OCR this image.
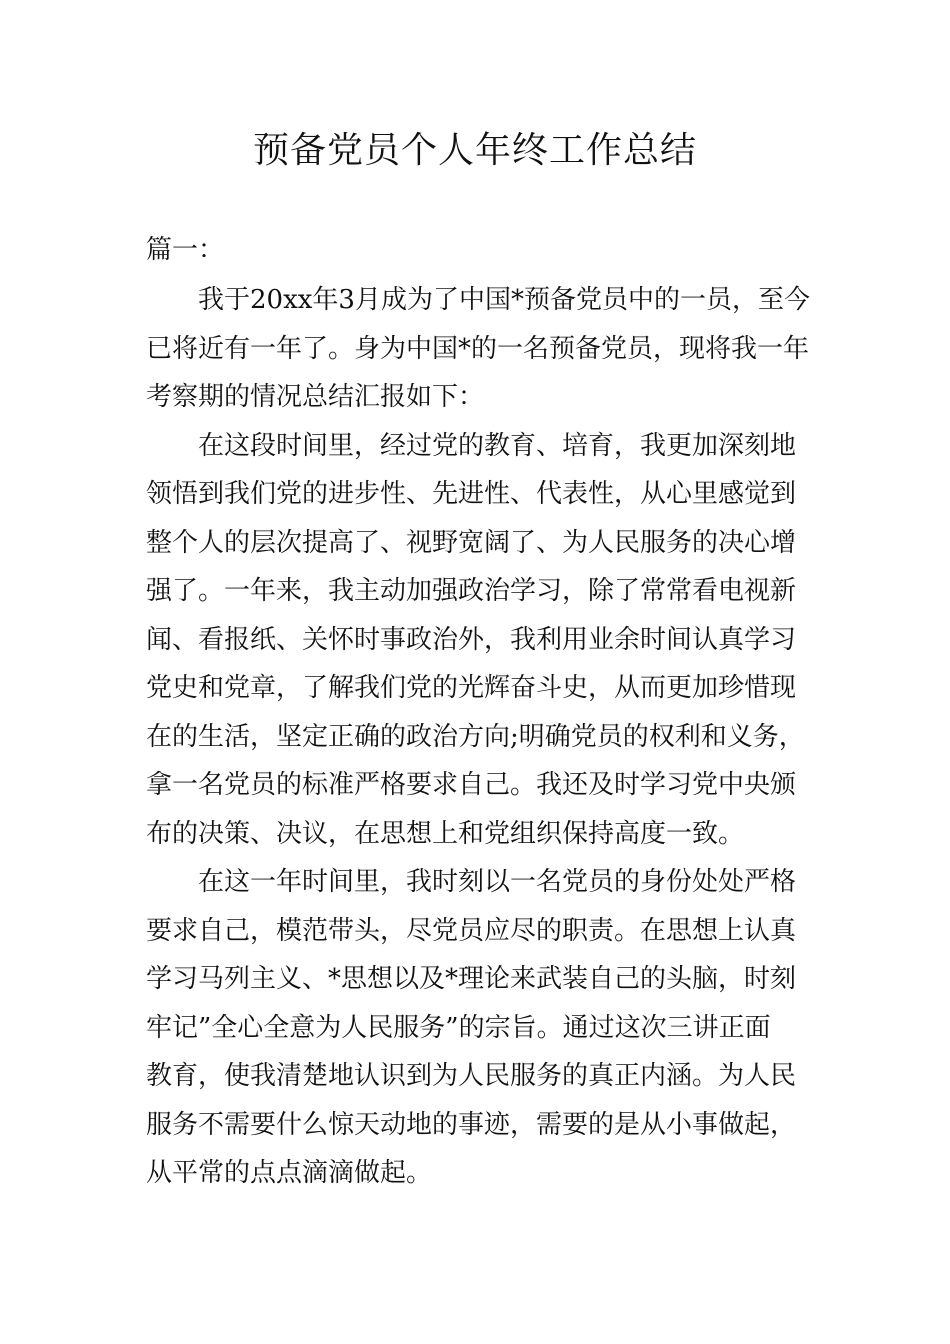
预备党员个人年终工作总结
篇一：
我于20xx年3月成为了中国*预备党员中的一员，至今
已将近有一年了。身为中国*的一名预备党员，现将我一年
考察期的情况总结汇报如下：
在这段时间里，经过党的教育、培育，我更加深刻地
领悟到我们党的进步性、先进性、代表性，从心里感觉到
整个人的层次提高了、视野宽阔了、为人民服务的决心增
强了。一年来，我主动加强政治学习，除了常常看电视新
闻、看报纸、关怀时事政治外，我利用业余时间认真学习
党史和党章，了解我们党的光辉奋斗史，从而更加珍惜现
在的生活，坚定正确的政治方向;明确党员的权利和义务，
拿一名党员的标准严格要求自己。我还及时学习党中央颁
布的决策、决议，在思想上和党组织保持高度一致。
在这一年时间里，我时刻以一名党员的身份处处严格
要求自己，模范带头，尽党员应尽的职责。在思想上认真
学习马列主义、*思想以及*理论来武装自己的头脑，时刻
牢记”全心全意为人民服务”的宗旨。通过这次三讲正面
教育，使我清楚地认识到为人民服务的真正内涵。为人民
服务不需要什么惊天动地的事迹，需要的是从小事做起，
从平常的点点滴滴做起。
